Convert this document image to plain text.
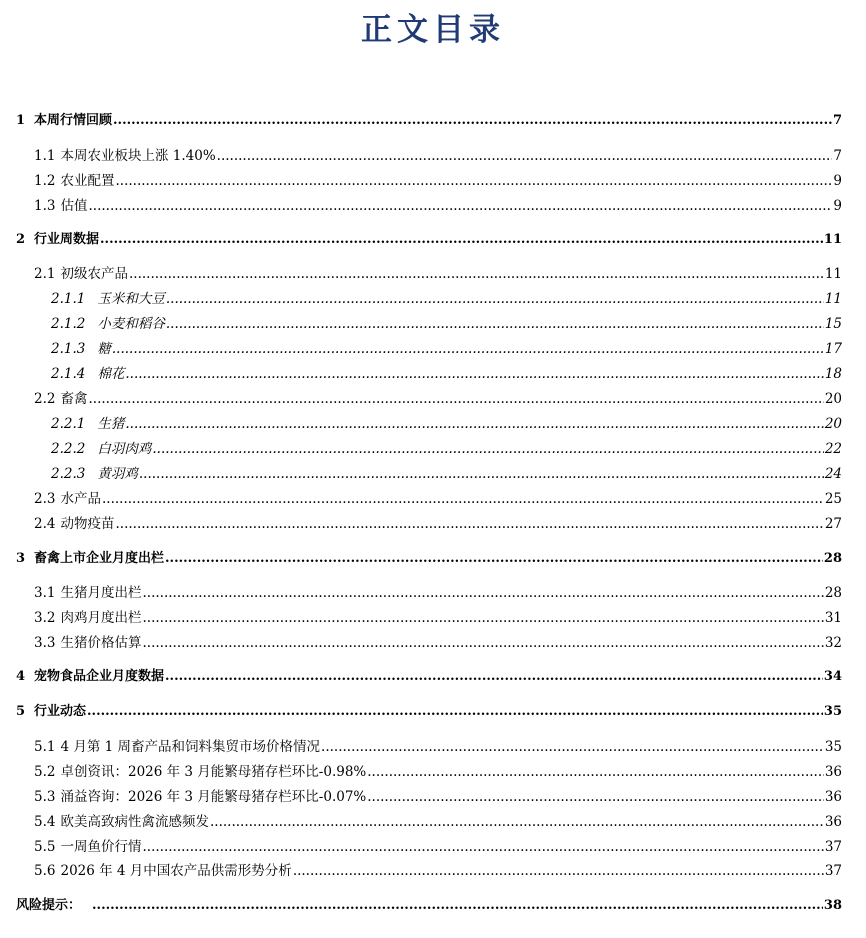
正文目录
1 本周行情回顾 .....	7
1.1 本周农业板块上涨 1.40% .....	7
1.2 农业配置 .....	9
1.3 估值 .....	9
2 行业周数据 .....	11
2.1 初级农产品 .....	11
2.1.1 玉米和大豆 .....	11
2.1.2 小麦和稻谷 .....	15
2.1.3 糖 .....	17
2.1.4 棉花 .....	18
2.2 畜禽 .....	20
2.2.1 生猪 .....	20
2.2.2 白羽肉鸡 .....	22
2.2.3 黄羽鸡 .....	24
2.3 水产品 .....	25
2.4 动物疫苗 .....	27
3 畜禽上市企业月度出栏 .....	28
3.1 生猪月度出栏 .....	28
3.2 肉鸡月度出栏 .....	31
3.3 生猪价格估算 .....	32
4 宠物食品企业月度数据 .....	34
5 行业动态 .....	35
5.1 4 月第 1 周畜产品和饲料集贸市场价格情况 .....	35
5.2 卓创资讯：2026 年 3 月能繁母猪存栏环比-0.98% .....	36
5.3 涌益咨询：2026 年 3 月能繁母猪存栏环比-0.07% .....	36
5.4 欧美高致病性禽流感频发 .....	36
5.5 一周鱼价行情 .....	37
5.6 2026 年 4 月中国农产品供需形势分析 .....	37
风险提示： .....	38
